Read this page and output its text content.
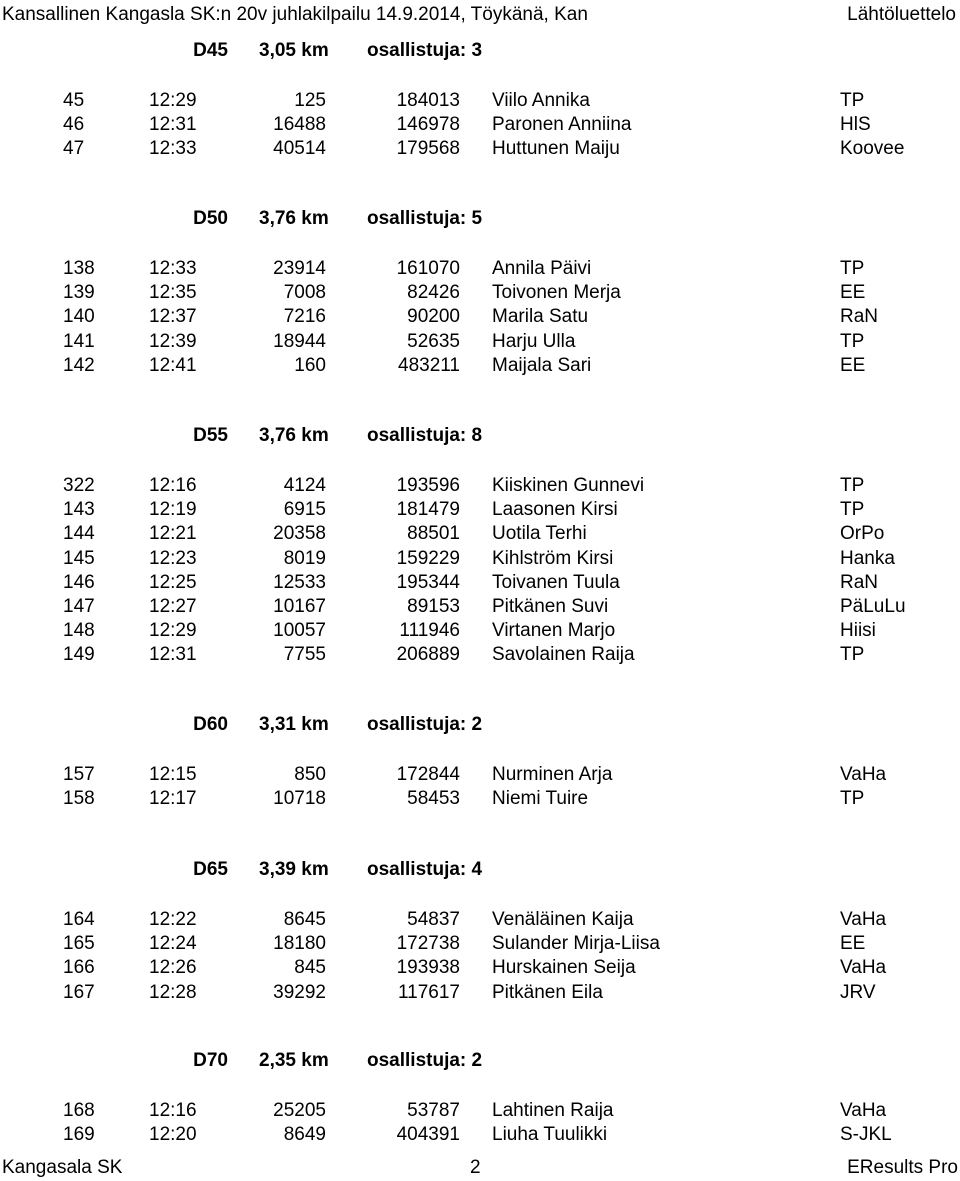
Kansallinen Kangasla SK:n 20v juhlakilpailu 14.9.2014, Töykänä, Kan	Lähtöluettelo
D45 3,05 km osallistuja: 3
45	12:29	125	184013 Viilo Annika	TP
46	12:31	16488	146978 Paronen Anniina	HlS
47	12:33	40514	179568 Huttunen Maiju	Koovee
D50 3,76 km osallistuja: 5
138	12:33	23914	161070 Annila Päivi	TP
139	12:35	7008	82426 Toivonen Merja	EE
140	12:37	7216	90200 Marila Satu	RaN
141	12:39	18944	52635 Harju Ulla	TP
142	12:41	160	483211 Maijala Sari	EE
D55 3,76 km osallistuja: 8
322	12:16	4124	193596 Kiiskinen Gunnevi	TP
143	12:19	6915	181479 Laasonen Kirsi	TP
144	12:21	20358	88501 Uotila Terhi	OrPo
145	12:23	8019	159229 Kihlström Kirsi	Hanka
146	12:25	12533	195344 Toivanen Tuula	RaN
147	12:27	10167	89153 Pitkänen Suvi	PäLuLu
148	12:29	10057	111946 Virtanen Marjo	Hiisi
149	12:31	7755	206889 Savolainen Raija	TP
D60 3,31 km osallistuja: 2
157	12:15	850	172844 Nurminen Arja	VaHa
158	12:17	10718	58453 Niemi Tuire	TP
D65 3,39 km osallistuja: 4
164	12:22	8645	54837 Venäläinen Kaija	VaHa
165	12:24	18180	172738 Sulander Mirja-Liisa	EE
166	12:26	845	193938 Hurskainen Seija	VaHa
167	12:28	39292	117617 Pitkänen Eila	JRV
D70 2,35 km osallistuja: 2
168	12:16	25205	53787 Lahtinen Raija	VaHa
169	12:20	8649	404391 Liuha Tuulikki	S-JKL
Kangasala SK	2	EResults Pro
